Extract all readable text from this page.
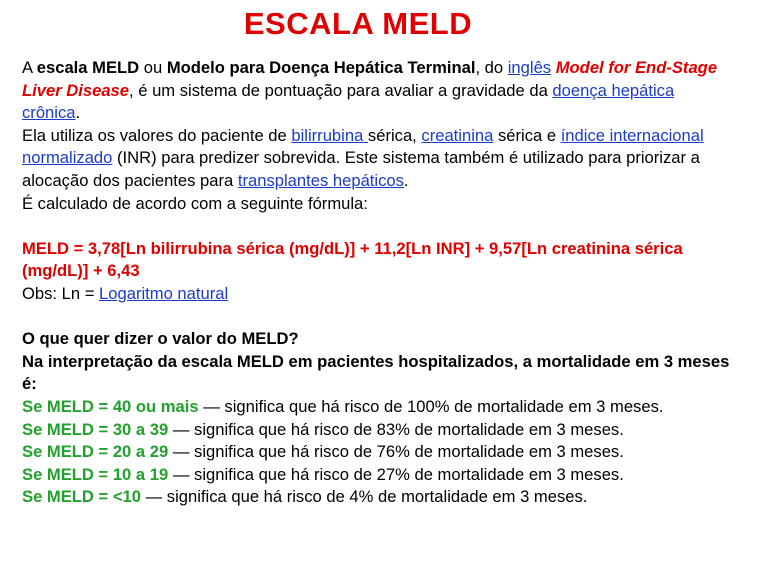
ESCALA MELD
A escala MELD ou Modelo para Doença Hepática Terminal, do inglês Model for End-Stage
Liver Disease, é um sistema de pontuação para avaliar a gravidade da doença hepática
crônica.
Ela utiliza os valores do paciente de bilirrubina sérica, creatinina sérica e índice internacional
normalizado (INR) para predizer sobrevida. Este sistema também é utilizado para priorizar a
alocação dos pacientes para transplantes hepáticos.
É calculado de acordo com a seguinte fórmula:
MELD = 3,78[Ln bilirrubina sérica (mg/dL)] + 11,2[Ln INR] + 9,57[Ln creatinina sérica
(mg/dL)] + 6,43
Obs: Ln = Logaritmo natural
O que quer dizer o valor do MELD?
Na interpretação da escala MELD em pacientes hospitalizados, a mortalidade em 3 meses
é:
Se MELD = 40 ou mais — significa que há risco de 100% de mortalidade em 3 meses.
Se MELD = 30 a 39 — significa que há risco de 83% de mortalidade em 3 meses.
Se MELD = 20 a 29 — significa que há risco de 76% de mortalidade em 3 meses.
Se MELD = 10 a 19 — significa que há risco de 27% de mortalidade em 3 meses.
Se MELD = <10 — significa que há risco de 4% de mortalidade em 3 meses.
